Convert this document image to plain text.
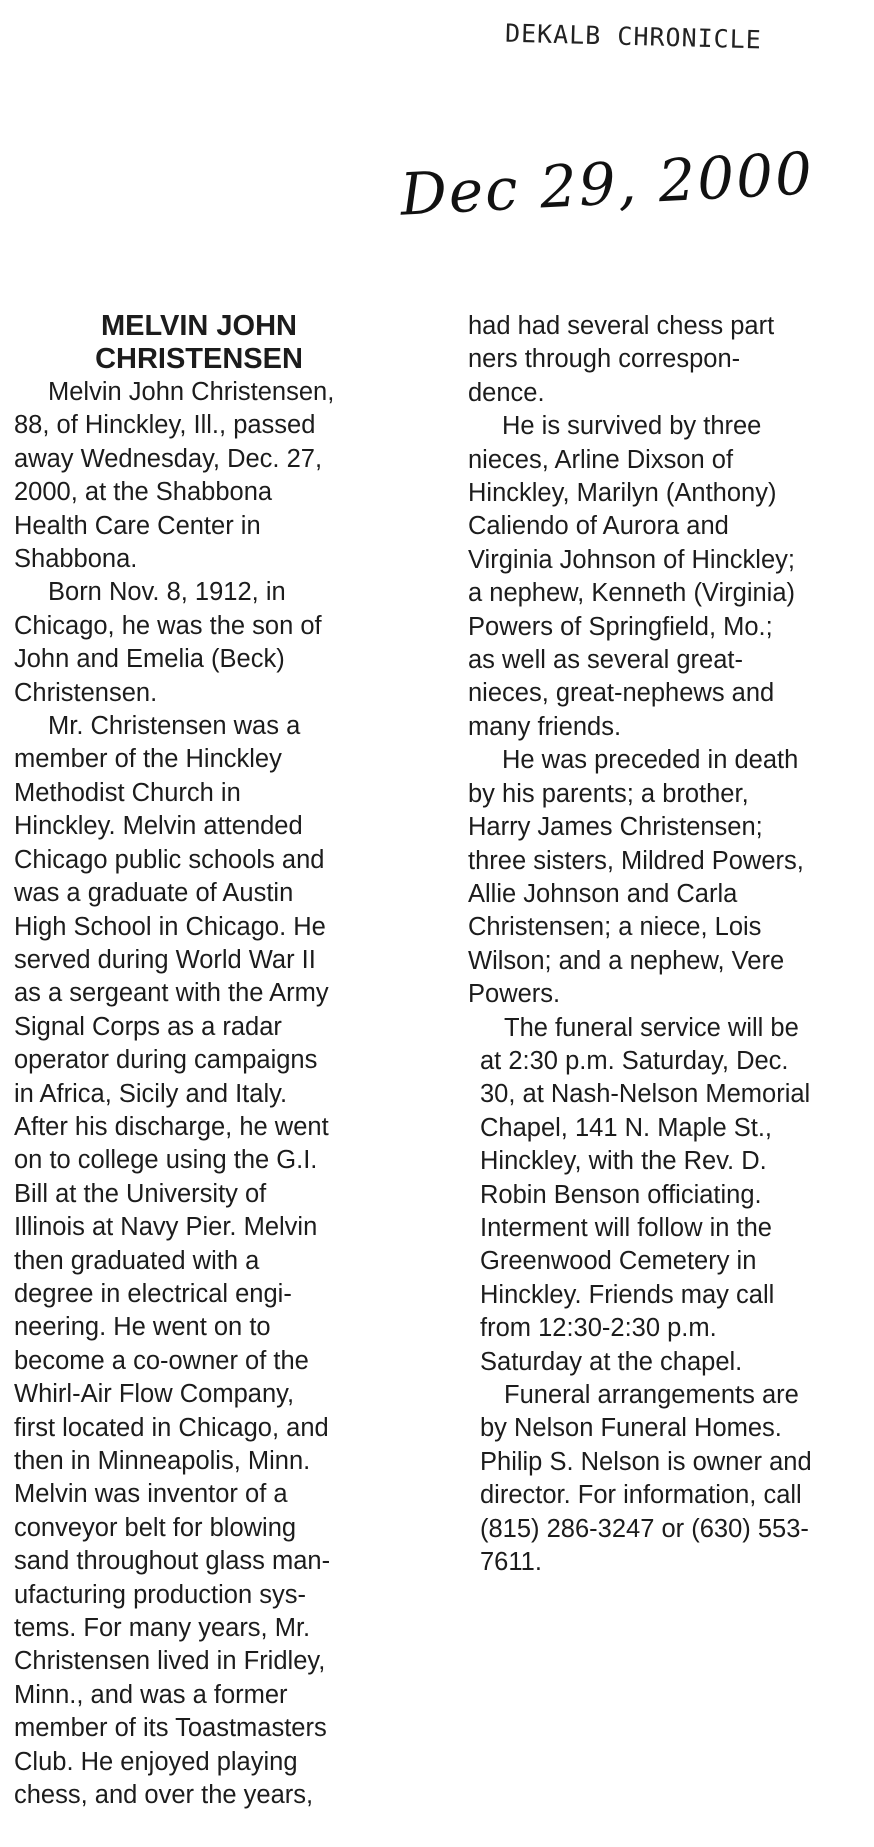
DEKALB CHRONICLE
Dec 29, 2000
MELVIN JOHN
CHRISTENSEN
Melvin John Christensen,
88, of Hinckley, Ill., passed
away Wednesday, Dec. 27,
2000, at the Shabbona
Health Care Center in
Shabbona.
Born Nov. 8, 1912, in
Chicago, he was the son of
John and Emelia (Beck)
Christensen.
Mr. Christensen was a
member of the Hinckley
Methodist Church in
Hinckley. Melvin attended
Chicago public schools and
was a graduate of Austin
High School in Chicago. He
served during World War II
as a sergeant with the Army
Signal Corps as a radar
operator during campaigns
in Africa, Sicily and Italy.
After his discharge, he went
on to college using the G.I.
Bill at the University of
Illinois at Navy Pier. Melvin
then graduated with a
degree in electrical engi-
neering. He went on to
become a co-owner of the
Whirl-Air Flow Company,
first located in Chicago, and
then in Minneapolis, Minn.
Melvin was inventor of a
conveyor belt for blowing
sand throughout glass man-
ufacturing production sys-
tems. For many years, Mr.
Christensen lived in Fridley,
Minn., and was a former
member of its Toastmasters
Club. He enjoyed playing
chess, and over the years,
had had several chess part
ners through correspon-
dence.
He is survived by three
nieces, Arline Dixson of
Hinckley, Marilyn (Anthony)
Caliendo of Aurora and
Virginia Johnson of Hinckley;
a nephew, Kenneth (Virginia)
Powers of Springfield, Mo.;
as well as several great-
nieces, great-nephews and
many friends.
He was preceded in death
by his parents; a brother,
Harry James Christensen;
three sisters, Mildred Powers,
Allie Johnson and Carla
Christensen; a niece, Lois
Wilson; and a nephew, Vere
Powers.
The funeral service will be
at 2:30 p.m. Saturday, Dec.
30, at Nash-Nelson Memorial
Chapel, 141 N. Maple St.,
Hinckley, with the Rev. D.
Robin Benson officiating.
Interment will follow in the
Greenwood Cemetery in
Hinckley. Friends may call
from 12:30-2:30 p.m.
Saturday at the chapel.
Funeral arrangements are
by Nelson Funeral Homes.
Philip S. Nelson is owner and
director. For information, call
(815) 286-3247 or (630) 553-
7611.
